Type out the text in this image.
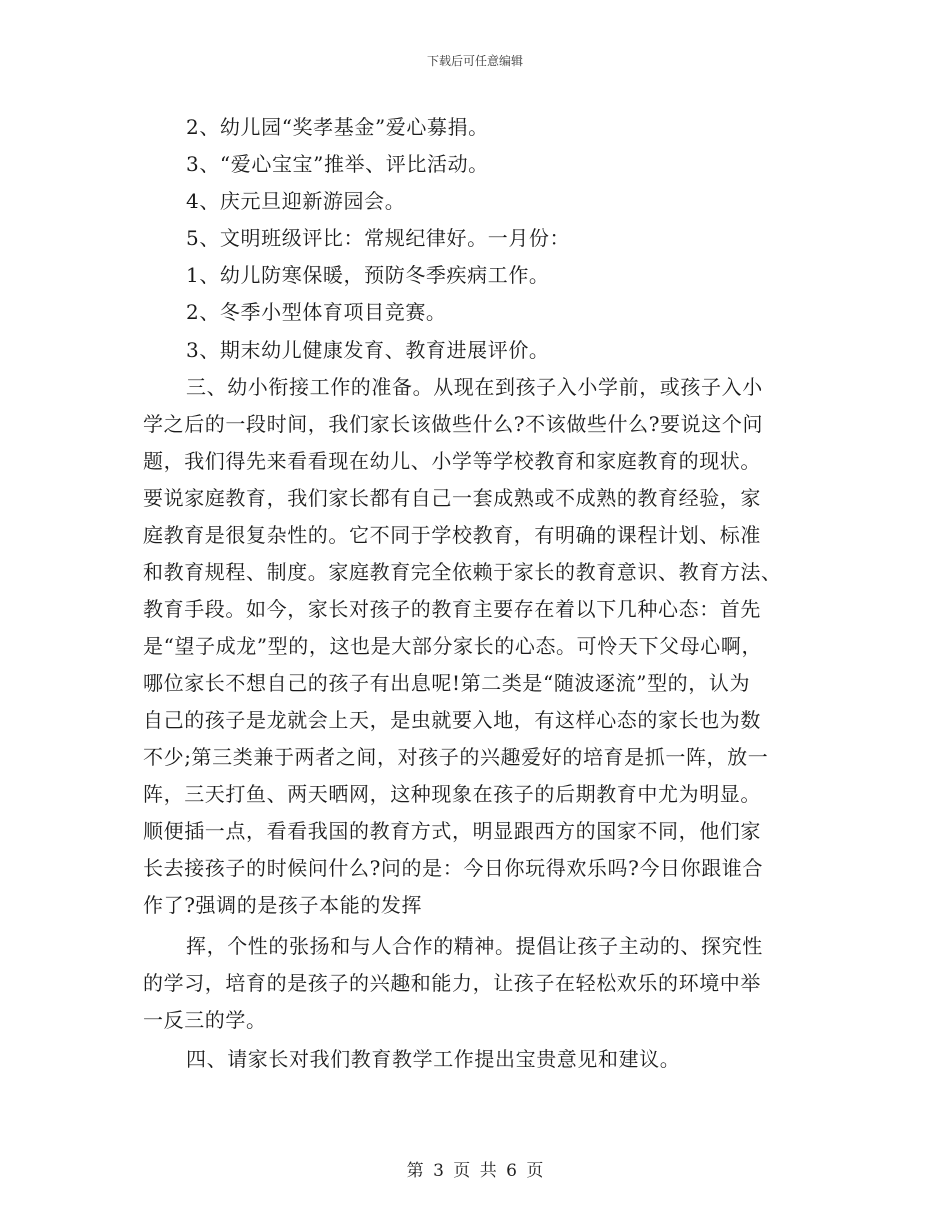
下载后可任意编辑
2、幼儿园“奖孝基金”爱心募捐。
3、“爱心宝宝”推举、评比活动。
4、庆元旦迎新游园会。
5、文明班级评比：常规纪律好。一月份：
1、幼儿防寒保暖，预防冬季疾病工作。
2、冬季小型体育项目竞赛。
3、期末幼儿健康发育、教育进展评价。
三、幼小衔接工作的准备。从现在到孩子入小学前，或孩子入小
学之后的一段时间，我们家长该做些什么?不该做些什么?要说这个问
题，我们得先来看看现在幼儿、小学等学校教育和家庭教育的现状。
要说家庭教育，我们家长都有自己一套成熟或不成熟的教育经验，家
庭教育是很复杂性的。它不同于学校教育，有明确的课程计划、标准
和教育规程、制度。家庭教育完全依赖于家长的教育意识、教育方法、
教育手段。如今，家长对孩子的教育主要存在着以下几种心态：首先
是“望子成龙”型的，这也是大部分家长的心态。可怜天下父母心啊，
哪位家长不想自己的孩子有出息呢!第二类是“随波逐流”型的，认为
自己的孩子是龙就会上天，是虫就要入地，有这样心态的家长也为数
不少;第三类兼于两者之间，对孩子的兴趣爱好的培育是抓一阵，放一
阵，三天打鱼、两天晒网，这种现象在孩子的后期教育中尤为明显。
顺便插一点，看看我国的教育方式，明显跟西方的国家不同，他们家
长去接孩子的时候问什么?问的是：今日你玩得欢乐吗?今日你跟谁合
作了?强调的是孩子本能的发挥
挥，个性的张扬和与人合作的精神。提倡让孩子主动的、探究性
的学习，培育的是孩子的兴趣和能力，让孩子在轻松欢乐的环境中举
一反三的学。
四、请家长对我们教育教学工作提出宝贵意见和建议。
第 3 页 共 6 页
